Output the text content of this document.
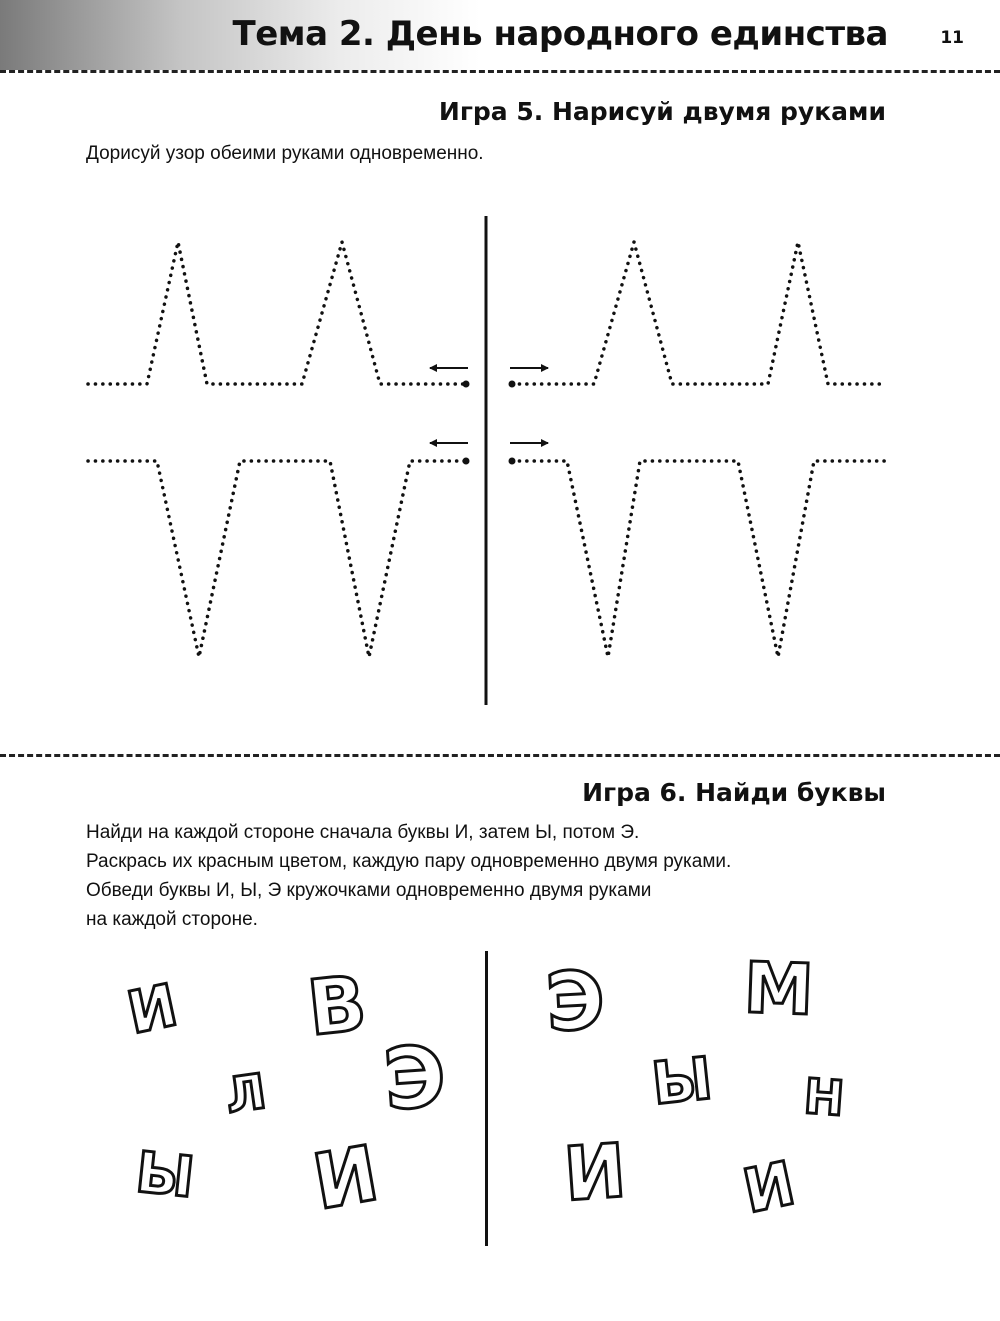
Тема 2. День народного единства	11
Игра 5. Нарисуй двумя руками

Дорисуй узор обеими руками одновременно.

Игра 6. Найди буквы

Найди на каждой стороне сначала буквы И, затем Ы, потом Э.

Раскрась их красным цветом, каждую пару одновременно двумя руками.

Обведи буквы И, Ы, Э кружочками одновременно двумя руками

на каждой стороне.

И В
Л Э
Ы И
Э М
Ы Н
И И
